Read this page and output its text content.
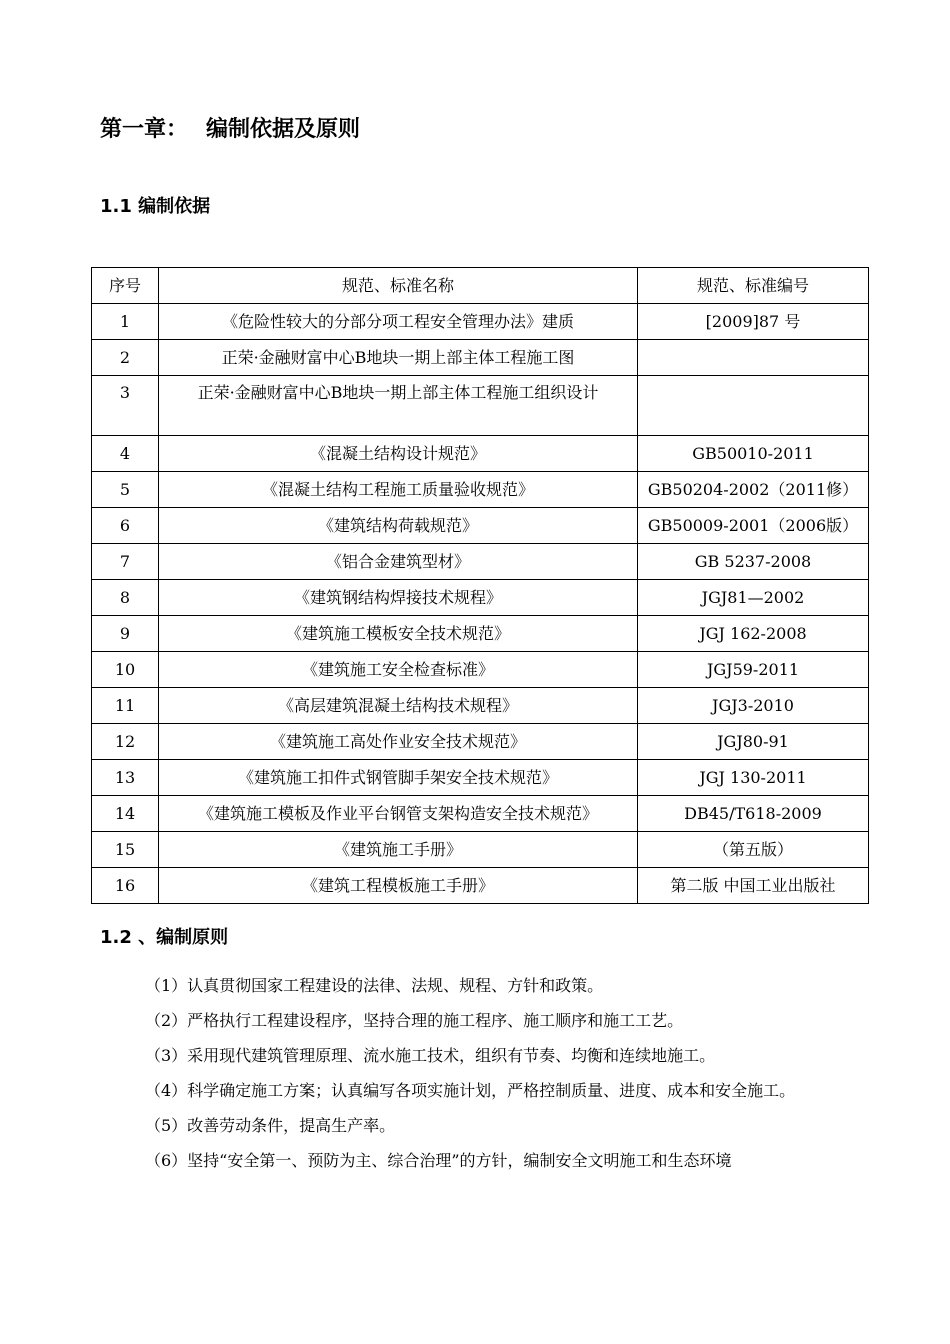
第一章： 编制依据及原则
1.1 编制依据
序号	规范、标准名称	规范、标准编号
1	《危险性较大的分部分项工程安全管理办法》建质	[2009]87 号
2	正荣·金融财富中心B地块一期上部主体工程施工图	
3	正荣·金融财富中心B地块一期上部主体工程施工组织设计	
4	《混凝土结构设计规范》	GB50010-2011
5	《混凝土结构工程施工质量验收规范》	GB50204-2002（2011修）
6	《建筑结构荷载规范》	GB50009-2001（2006版）
7	《铝合金建筑型材》	GB 5237-2008
8	《建筑钢结构焊接技术规程》	JGJ81—2002
9	《建筑施工模板安全技术规范》	JGJ 162-2008
10	《建筑施工安全检查标准》	JGJ59-2011
11	《高层建筑混凝土结构技术规程》	JGJ3-2010
12	《建筑施工高处作业安全技术规范》	JGJ80-91
13	《建筑施工扣件式钢管脚手架安全技术规范》	JGJ 130-2011
14	《建筑施工模板及作业平台钢管支架构造安全技术规范》	DB45/T618-2009
15	《建筑施工手册》	（第五版）
16	《建筑工程模板施工手册》	第二版 中国工业出版社
1.2 、编制原则

（1）认真贯彻国家工程建设的法律、法规、规程、方针和政策。

（2）严格执行工程建设程序，坚持合理的施工程序、施工顺序和施工工艺。

（3）采用现代建筑管理原理、流水施工技术，组织有节奏、均衡和连续地施工。

（4）科学确定施工方案；认真编写各项实施计划，严格控制质量、进度、成本和安全施工。

（5）改善劳动条件，提高生产率。

（6）坚持“安全第一、预防为主、综合治理”的方针，编制安全文明施工和生态环境
